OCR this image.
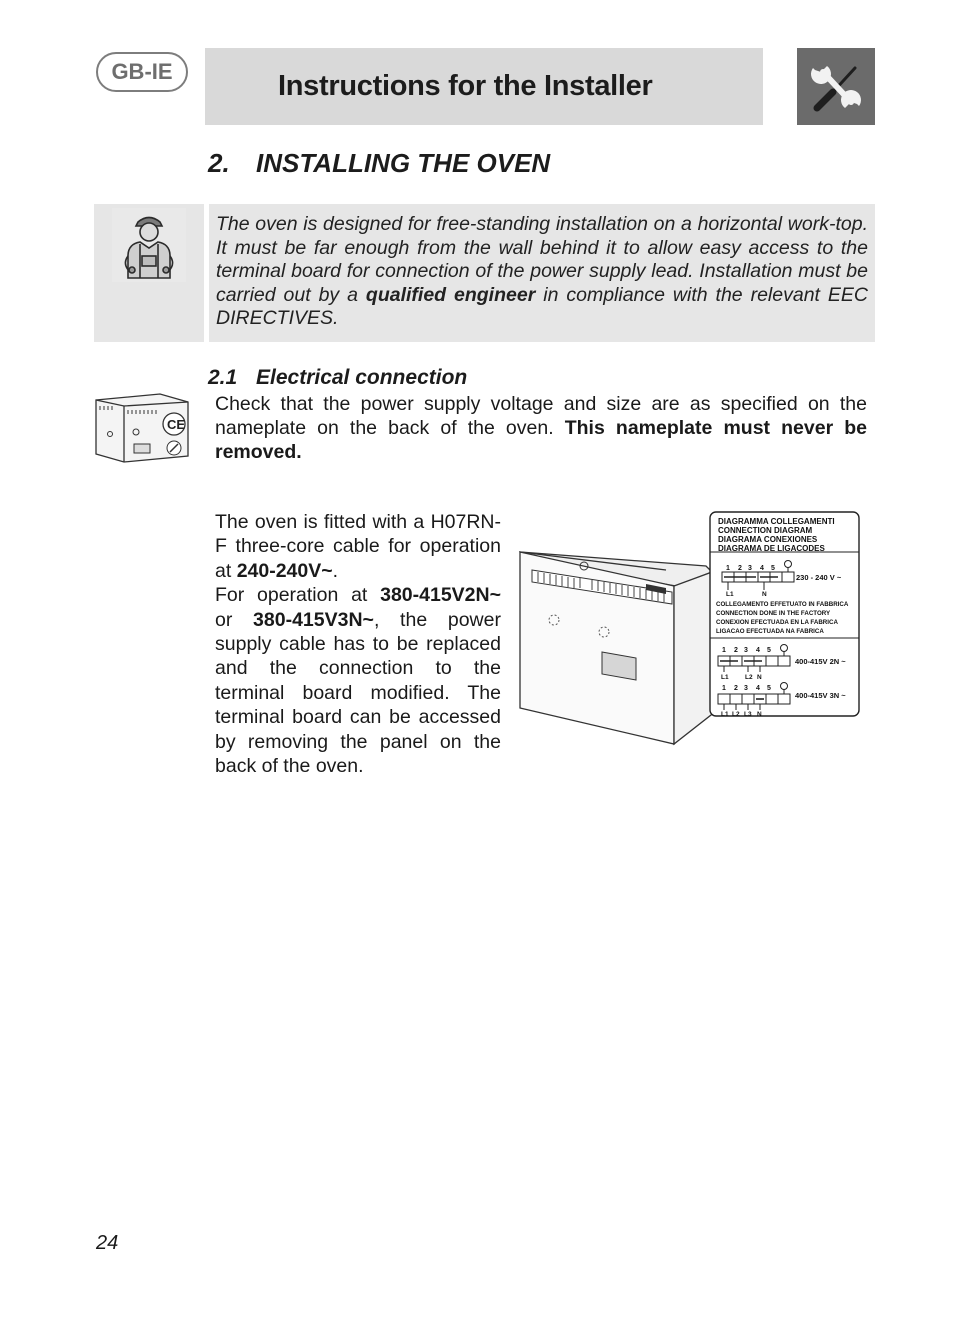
GB-IE	Instructions for the Installer
2. INSTALLING THE OVEN
The oven is designed for free-standing installation on a horizontal work-top. It must be far enough from the wall behind it to allow easy access to the terminal board for connection of the power supply lead. Installation must be carried out by a qualified engineer in compliance with the relevant EEC DIRECTIVES.
CE
2.1 Electrical connection
Check that the power supply voltage and size are as specified on the nameplate on the back of the oven. This nameplate must never be removed.
The oven is fitted with a H07RN-F three-core cable for operation at 240-240V~.
For operation at 380-415V2N~ or 380-415V3N~, the power supply cable has to be replaced and the connection to the terminal board modified. The terminal board can be accessed by removing the panel on the back of the oven.
DIAGRAMMA COLLEGAMENTI
CONNECTION DIAGRAM
DIAGRAMA CONEXIONES
DIAGRAMA DE LIGACODES
1 2 3 4 5
230 - 240 V ~
L1	N
COLLEGAMENTO EFFETUATO IN FABBRICA
CONNECTION DONE IN THE FACTORY
CONEXION EFECTUADA EN LA FABRICA
LIGACAO EFECTUADA NA FABRICA
1 2 3 4 5
400-415V 2N ~
L1	L2 N
1 2 3 4 5
400-415V 3N ~
L1 L2 L3 N
24
